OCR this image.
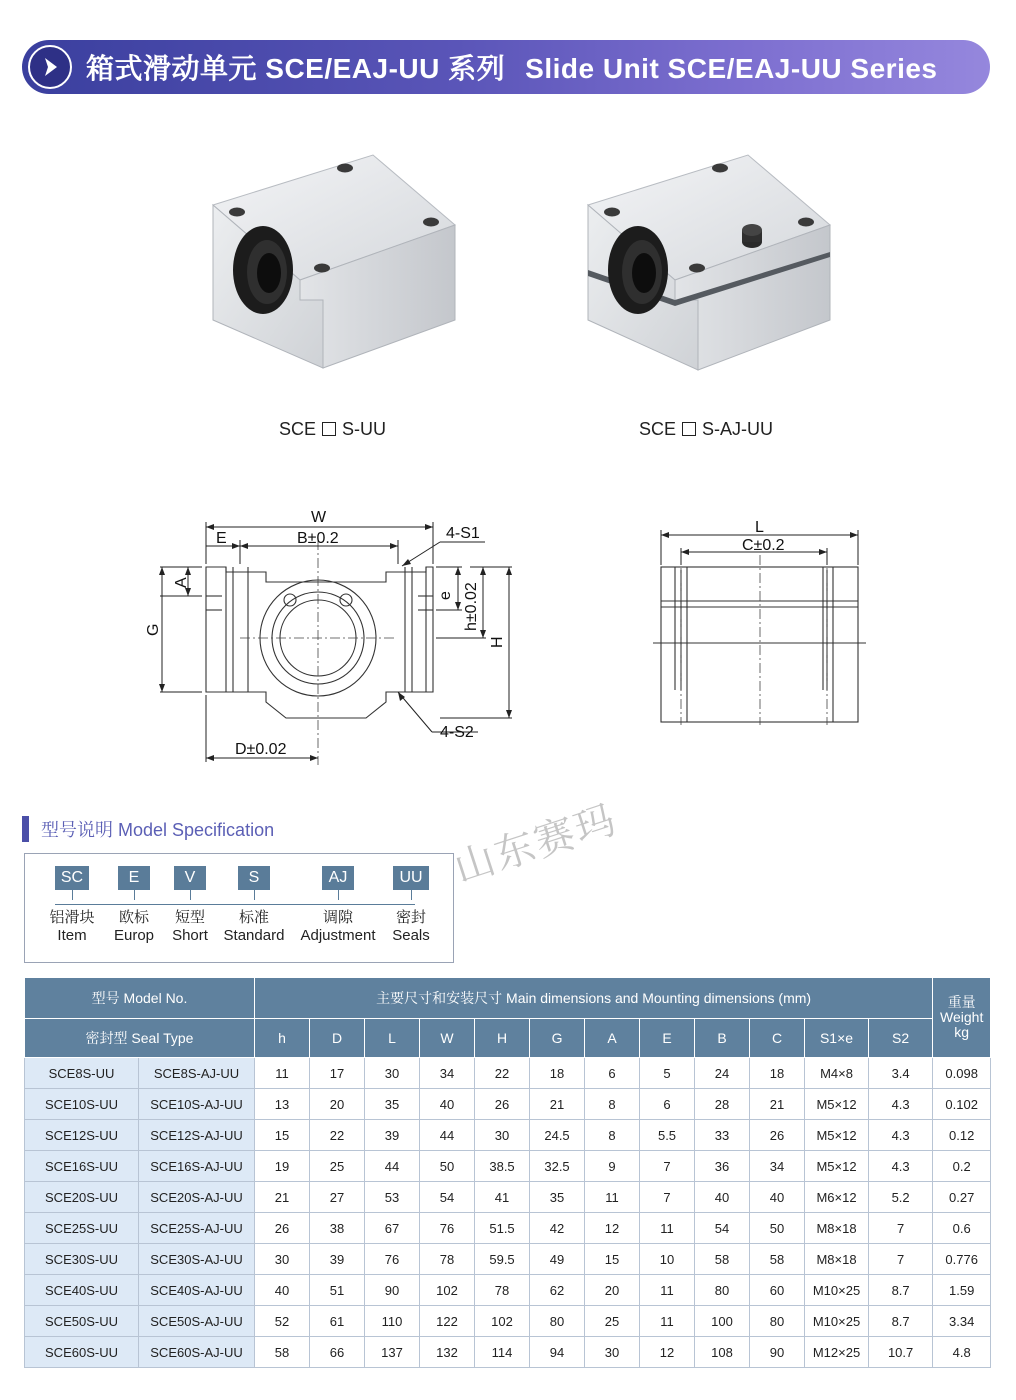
箱式滑动单元 SCE/EAJ-UU 系列 Slide Unit SCE/EAJ-UU Series
SCE S-UU	SCE S-AJ-UU
W
E	B±0.2	4-S1
A
G
e h±0.02
H
4-S2
D±0.02
L
C±0.2
型号说明 Model Specification
SC
铝滑块
Item
E
欧标
Europ
V
短型
Short
S
标准
Standard
AJ
调隙
Adjustment
UU
密封
Seals
山东赛玛
型号 Model No.		主要尺寸和安装尺寸 Main dimensions and Mounting dimensions (mm)												重量
Weight
kg

密封型 Seal Type		h	D	L	W	H	G	A	E	B	C	S1×e	S2	
SCE8S-UU	SCE8S-AJ-UU	11	17	30	34	22	18	6	5	24	18	M4×8	3.4	0.098
SCE10S-UU	SCE10S-AJ-UU	13	20	35	40	26	21	8	6	28	21	M5×12	4.3	0.102
SCE12S-UU	SCE12S-AJ-UU	15	22	39	44	30	24.5	8	5.5	33	26	M5×12	4.3	0.12
SCE16S-UU	SCE16S-AJ-UU	19	25	44	50	38.5	32.5	9	7	36	34	M5×12	4.3	0.2
SCE20S-UU	SCE20S-AJ-UU	21	27	53	54	41	35	11	7	40	40	M6×12	5.2	0.27
SCE25S-UU	SCE25S-AJ-UU	26	38	67	76	51.5	42	12	11	54	50	M8×18	7	0.6
SCE30S-UU	SCE30S-AJ-UU	30	39	76	78	59.5	49	15	10	58	58	M8×18	7	0.776
SCE40S-UU	SCE40S-AJ-UU	40	51	90	102	78	62	20	11	80	60	M10×25	8.7	1.59
SCE50S-UU	SCE50S-AJ-UU	52	61	110	122	102	80	25	11	100	80	M10×25	8.7	3.34
SCE60S-UU	SCE60S-AJ-UU	58	66	137	132	114	94	30	12	108	90	M12×25	10.7	4.8
